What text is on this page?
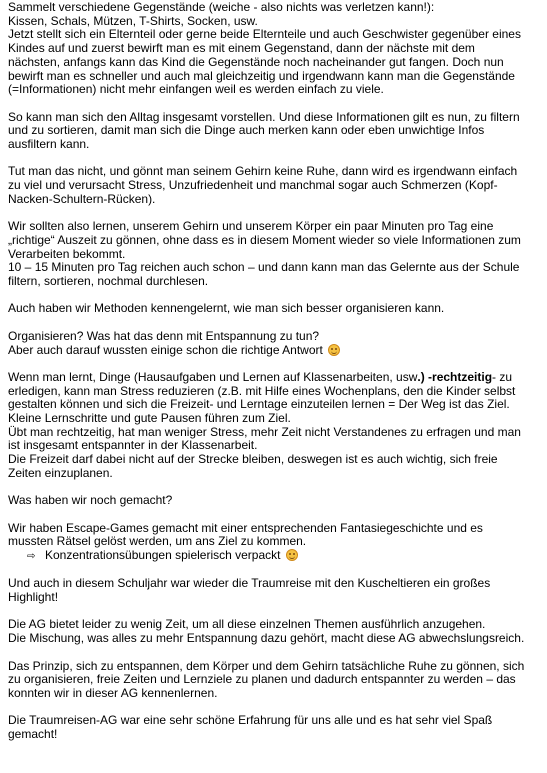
Sammelt verschiedene Gegenstände (weiche - also nichts was verletzen kann!):

Kissen, Schals, Mützen, T-Shirts, Socken, usw.

Jetzt stellt sich ein Elternteil oder gerne beide Elternteile und auch Geschwister gegenüber eines

Kindes auf und zuerst bewirft man es mit einem Gegenstand, dann der nächste mit dem

nächsten, anfangs kann das Kind die Gegenstände noch nacheinander gut fangen. Doch nun

bewirft man es schneller und auch mal gleichzeitig und irgendwann kann man die Gegenstände

(=Informationen) nicht mehr einfangen weil es werden einfach zu viele.

So kann man sich den Alltag insgesamt vorstellen. Und diese Informationen gilt es nun, zu filtern

und zu sortieren, damit man sich die Dinge auch merken kann oder eben unwichtige Infos

ausfiltern kann.

Tut man das nicht, und gönnt man seinem Gehirn keine Ruhe, dann wird es irgendwann einfach

zu viel und verursacht Stress, Unzufriedenheit und manchmal sogar auch Schmerzen (Kopf-

Nacken-Schultern-Rücken).

Wir sollten also lernen, unserem Gehirn und unserem Körper ein paar Minuten pro Tag eine

„richtige“ Auszeit zu gönnen, ohne dass es in diesem Moment wieder so viele Informationen zum

Verarbeiten bekommt.

10 – 15 Minuten pro Tag reichen auch schon – und dann kann man das Gelernte aus der Schule

filtern, sortieren, nochmal durchlesen.

Auch haben wir Methoden kennengelernt, wie man sich besser organisieren kann.

Organisieren? Was hat das denn mit Entspannung zu tun?

Aber auch darauf wussten einige schon die richtige Antwort

Wenn man lernt, Dinge (Hausaufgaben und Lernen auf Klassenarbeiten, usw.) -rechtzeitig- zu

erledigen, kann man Stress reduzieren (z.B. mit Hilfe eines Wochenplans, den die Kinder selbst

gestalten können und sich die Freizeit- und Lerntage einzuteilen lernen = Der Weg ist das Ziel.

Kleine Lernschritte und gute Pausen führen zum Ziel.

Übt man rechtzeitig, hat man weniger Stress, mehr Zeit nicht Verstandenes zu erfragen und man

ist insgesamt entspannter in der Klassenarbeit.

Die Freizeit darf dabei nicht auf der Strecke bleiben, deswegen ist es auch wichtig, sich freie

Zeiten einzuplanen.

Was haben wir noch gemacht?

Wir haben Escape-Games gemacht mit einer entsprechenden Fantasiegeschichte und es

mussten Rätsel gelöst werden, um ans Ziel zu kommen.

⇨ Konzentrationsübungen spielerisch verpackt

Und auch in diesem Schuljahr war wieder die Traumreise mit den Kuscheltieren ein großes

Highlight!

Die AG bietet leider zu wenig Zeit, um all diese einzelnen Themen ausführlich anzugehen.

Die Mischung, was alles zu mehr Entspannung dazu gehört, macht diese AG abwechslungsreich.

Das Prinzip, sich zu entspannen, dem Körper und dem Gehirn tatsächliche Ruhe zu gönnen, sich

zu organisieren, freie Zeiten und Lernziele zu planen und dadurch entspannter zu werden – das

konnten wir in dieser AG kennenlernen.

Die Traumreisen-AG war eine sehr schöne Erfahrung für uns alle und es hat sehr viel Spaß

gemacht!
